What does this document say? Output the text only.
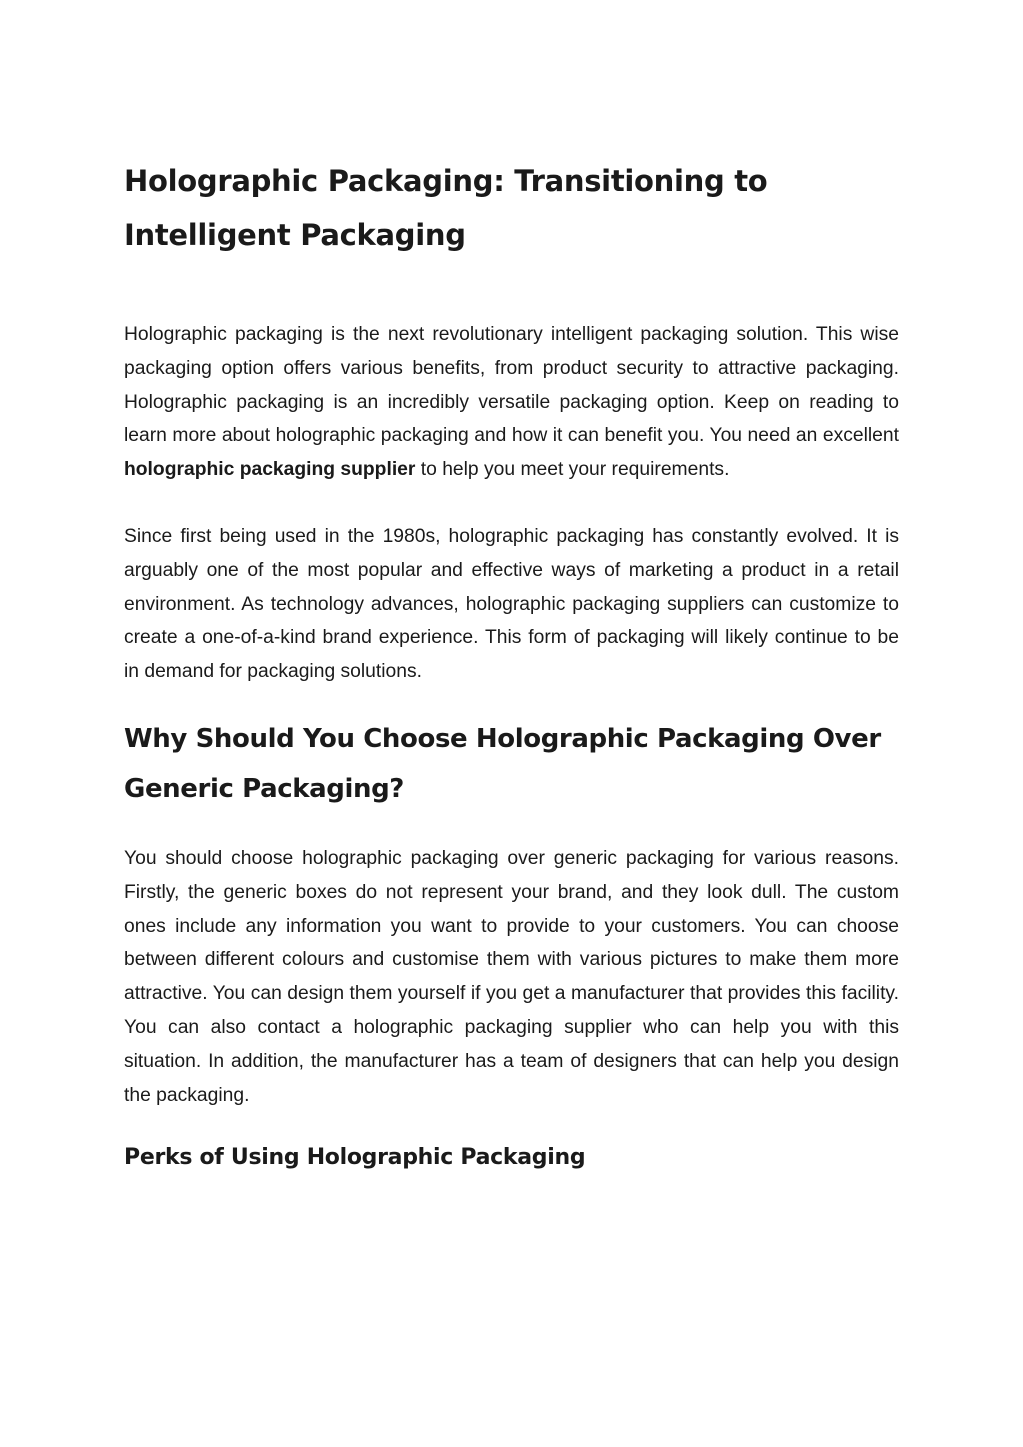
Holographic Packaging: Transitioning to Intelligent Packaging

Holographic packaging is the next revolutionary intelligent packaging solution. This wise packaging option offers various benefits, from product security to attractive packaging. Holographic packaging is an incredibly versatile packaging option. Keep on reading to learn more about holographic packaging and how it can benefit you. You need an excellent holographic packaging supplier to help you meet your requirements.

Since first being used in the 1980s, holographic packaging has constantly evolved. It is arguably one of the most popular and effective ways of marketing a product in a retail environment. As technology advances, holographic packaging suppliers can customize to create a one-of-a-kind brand experience. This form of packaging will likely continue to be in demand for packaging solutions.

Why Should You Choose Holographic Packaging Over Generic Packaging?

You should choose holographic packaging over generic packaging for various reasons. Firstly, the generic boxes do not represent your brand, and they look dull. The custom ones include any information you want to provide to your customers. You can choose between different colours and customise them with various pictures to make them more attractive. You can design them yourself if you get a manufacturer that provides this facility. You can also contact a holographic packaging supplier who can help you with this situation. In addition, the manufacturer has a team of designers that can help you design the packaging.

Perks of Using Holographic Packaging
